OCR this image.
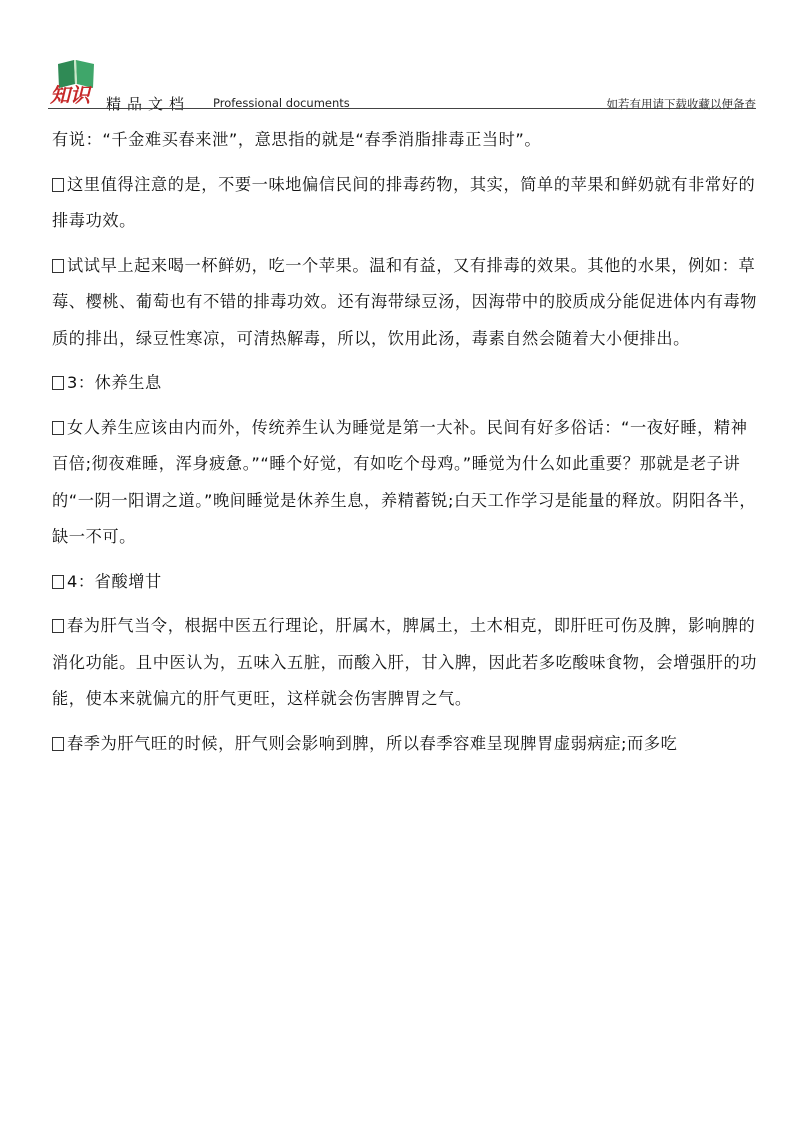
知识 精品文档 Professional documents	如若有用请下载收藏以便备查

有说：“千金难买春来泄”，意思指的就是“春季消脂排毒正当时”。

这里值得注意的是，不要一味地偏信民间的排毒药物，其实，简单的苹果和鲜奶就有非常好的排毒功效。

试试早上起来喝一杯鲜奶，吃一个苹果。温和有益，又有排毒的效果。其他的水果，例如：草莓、樱桃、葡萄也有不错的排毒功效。还有海带绿豆汤，因海带中的胶质成分能促进体内有毒物质的排出，绿豆性寒凉，可清热解毒，所以，饮用此汤，毒素自然会随着大小便排出。

3：休养生息

女人养生应该由内而外，传统养生认为睡觉是第一大补。民间有好多俗话：“一夜好睡，精神百倍;彻夜难睡，浑身疲惫。”“睡个好觉，有如吃个母鸡。”睡觉为什么如此重要？那就是老子讲的“一阴一阳谓之道。”晚间睡觉是休养生息，养精蓄锐;白天工作学习是能量的释放。阴阳各半，缺一不可。

4：省酸增甘

春为肝气当令，根据中医五行理论，肝属木，脾属土，土木相克，即肝旺可伤及脾，影响脾的消化功能。且中医认为，五味入五脏，而酸入肝，甘入脾，因此若多吃酸味食物，会增强肝的功能，使本来就偏亢的肝气更旺，这样就会伤害脾胃之气。

春季为肝气旺的时候，肝气则会影响到脾，所以春季容难呈现脾胃虚弱病症;而多吃
